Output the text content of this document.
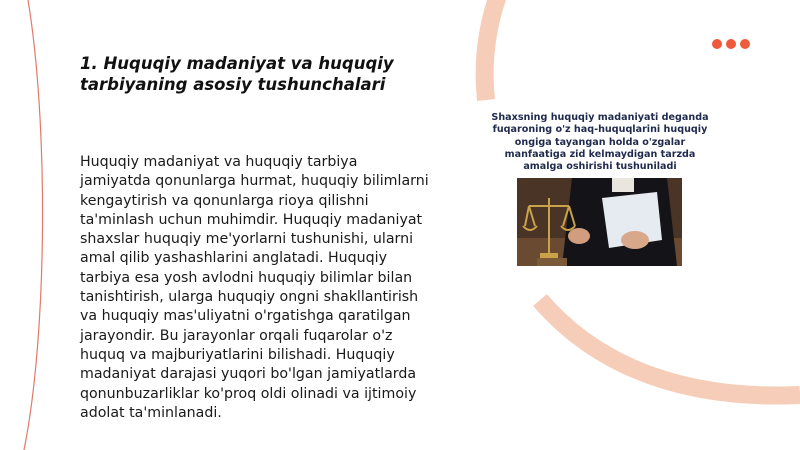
1. Huquqiy madaniyat va huquqiy tarbiyaning asosiy tushunchalari

Huquqiy madaniyat va huquqiy tarbiya jamiyatda qonunlarga hurmat, huquqiy bilimlarni kengaytirish va qonunlarga rioya qilishni ta'minlash uchun muhimdir. Huquqiy madaniyat shaxslar huquqiy me'yorlarni tushunishi, ularni amal qilib yashashlarini anglatadi. Huquqiy tarbiya esa yosh avlodni huquqiy bilimlar bilan tanishtirish, ularga huquqiy ongni shakllantirish va huquqiy mas'uliyatni o'rgatishga qaratilgan jarayondir. Bu jarayonlar orqali fuqarolar o'z huquq va majburiyatlarini bilishadi. Huquqiy madaniyat darajasi yuqori bo'lgan jamiyatlarda qonunbuzarliklar ko'proq oldi olinadi va ijtimoiy adolat ta'minlanadi.

Shaxsning huquqiy madaniyati deganda fuqaroning o'z haq-huquqlarini huquqiy ongiga tayangan holda o'zgalar manfaatiga zid kelmaydigan tarzda amalga oshirishi tushuniladi
